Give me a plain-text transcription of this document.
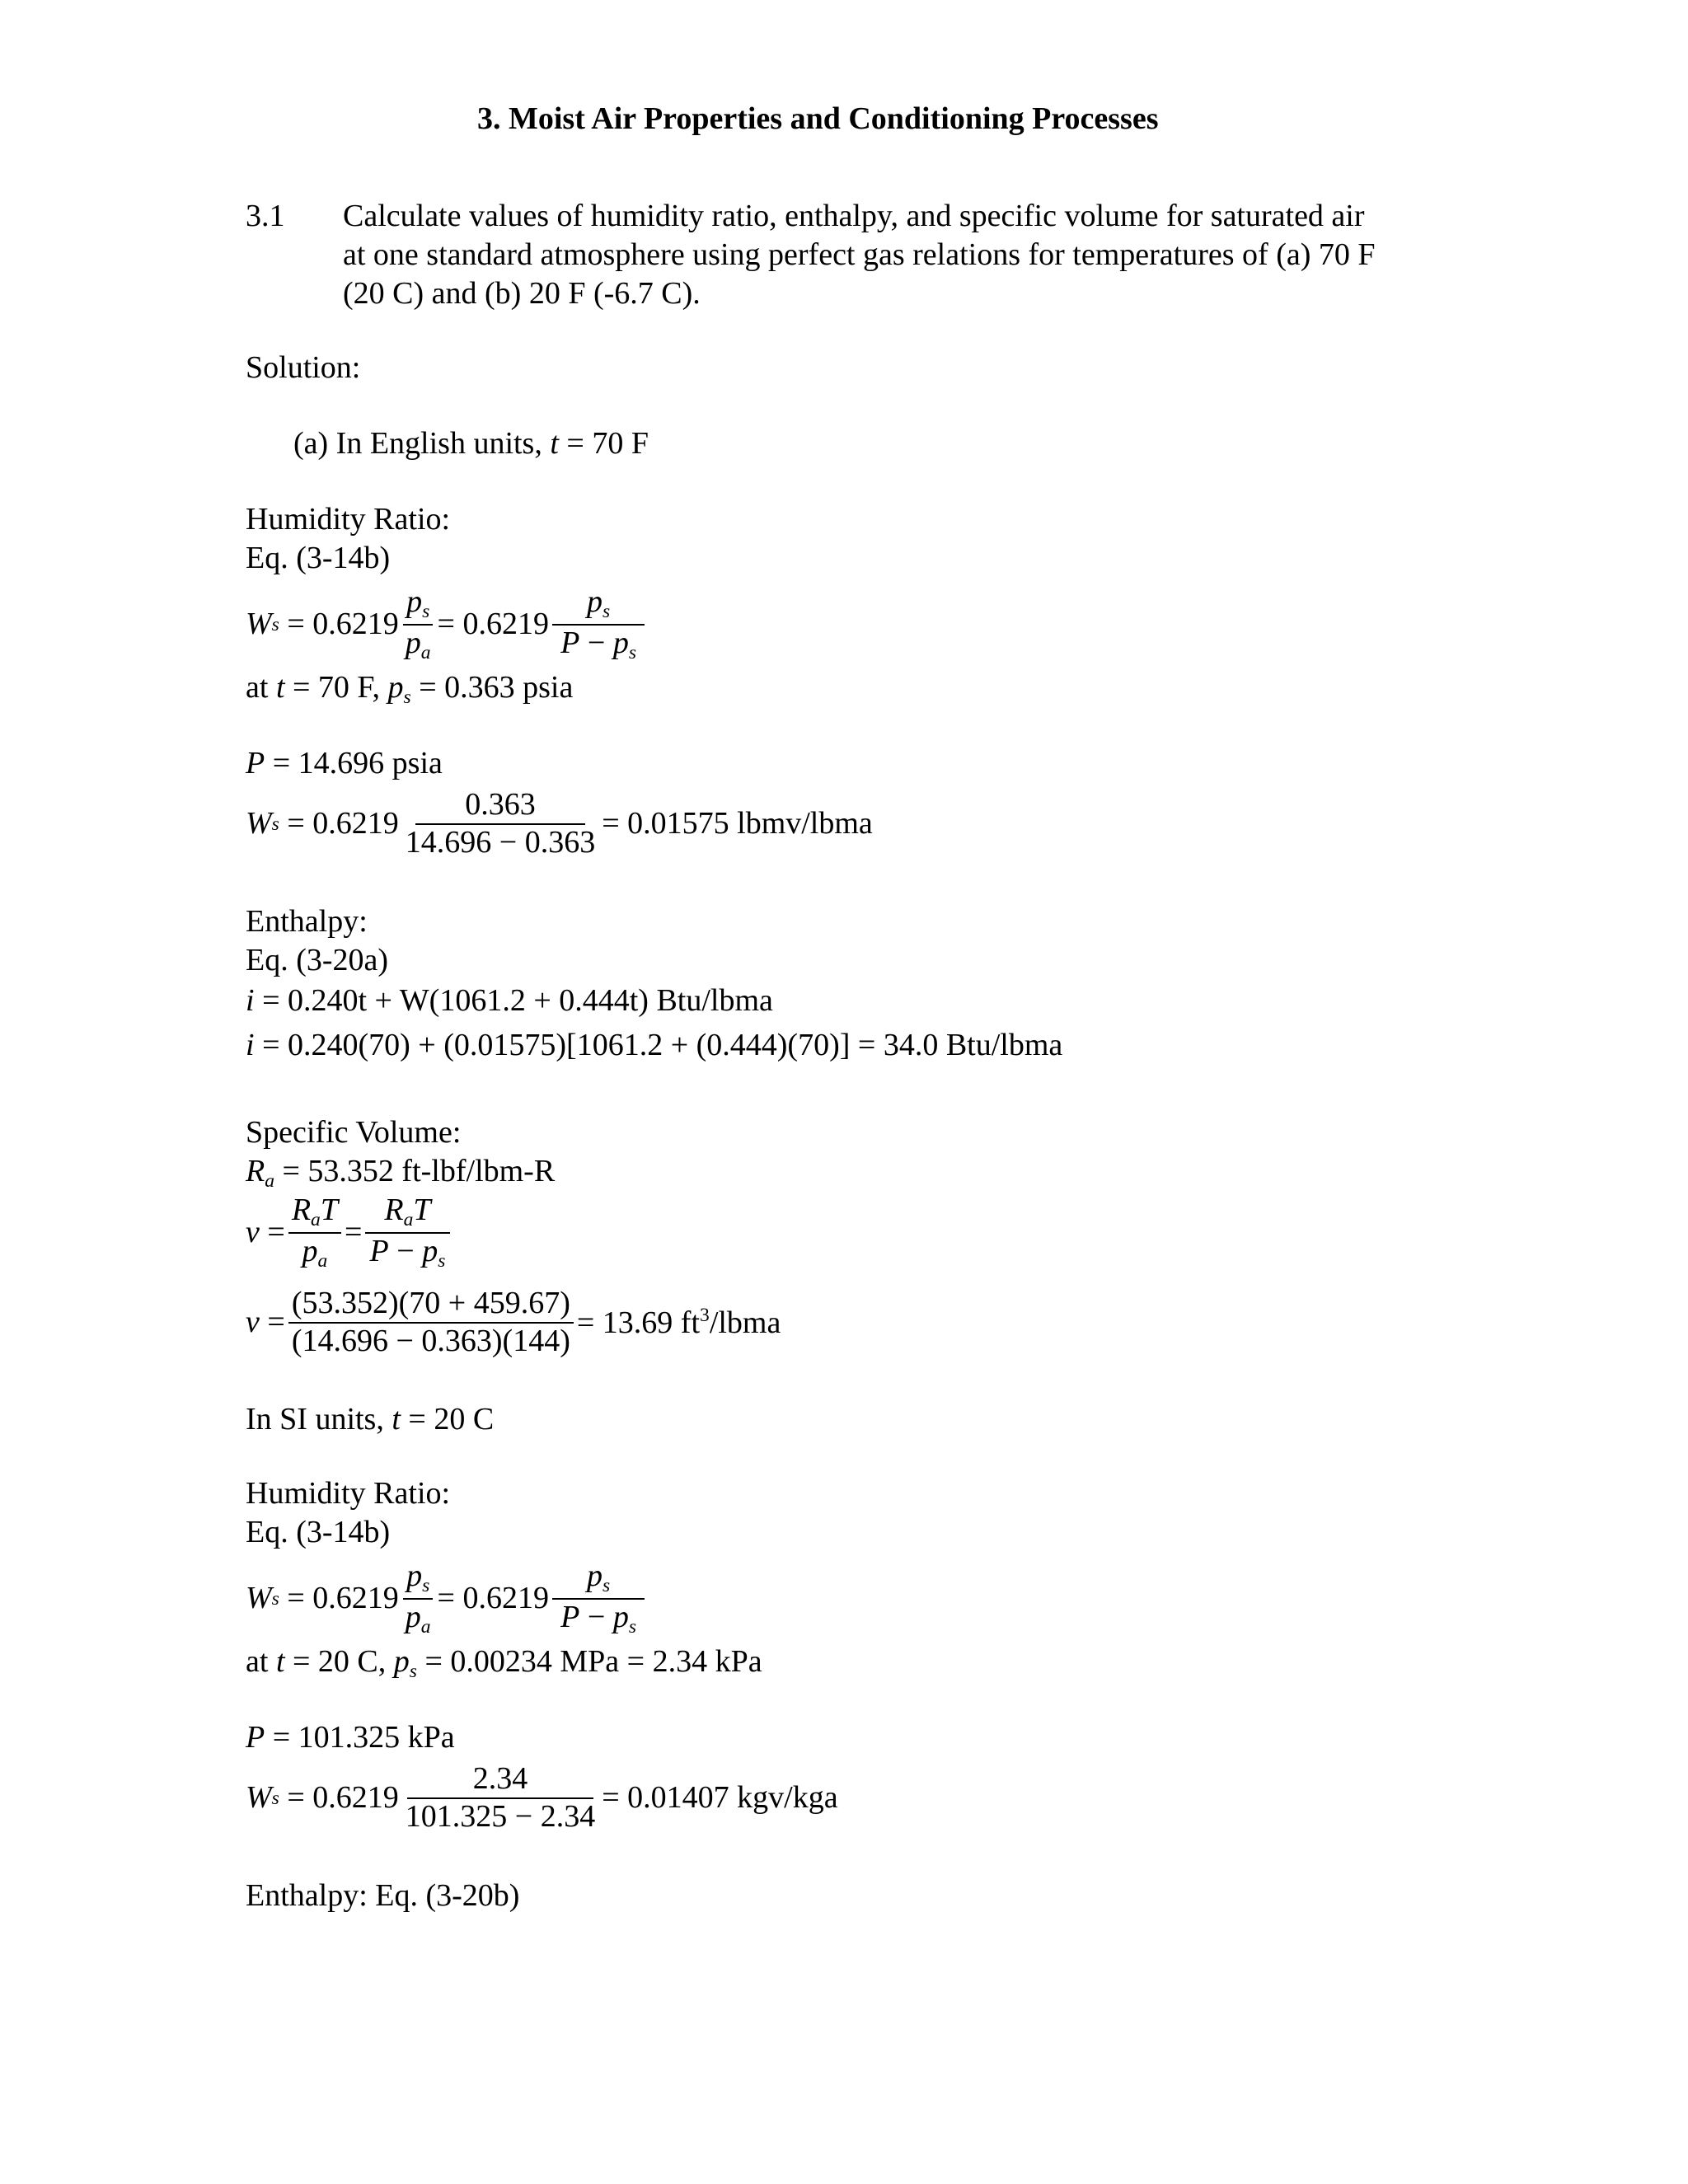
3. Moist Air Properties and Conditioning Processes
3.1 Calculate values of humidity ratio, enthalpy, and specific volume for saturated air
at one standard atmosphere using perfect gas relations for temperatures of (a) 70 F
(20 C) and (b) 20 F (-6.7 C).
Solution:
(a) In English units, t = 70 F
Humidity Ratio:
Eq. (3-14b)
W $s = 0.6219 \frac{ps}{pa} = 0.6219 \frac{ps}{P - ps}$
at t = 70 F, ps = 0.363 psia
P = 14.696 psia
W $s = 0.6219 \frac{0.363}{14.696 - 0.363} = 0.01575$ lbmv/lbma
Enthalpy:
Eq. (3-20a)
i = 0.240t + W(1061.2 + 0.444t) Btu/lbma
i = 0.240(70) + (0.01575)[1061.2 + (0.444)(70)] = 34.0 Btu/lbma
Specific Volume:
Ra = 53.352 ft-lbf/lbm-R
$v = \frac{\text{RaT}}{pa} = \frac{\text{RaT}}{P - ps}$
$v = \frac{(53.352)(70 + 459.67)}{(14.696 - 0.363)(144)} = 13.69$ $ft^3$/lbma
In SI units, t = 20 C
Humidity Ratio:
Eq. (3-14b)
W $s = 0.6219 \frac{ps}{pa} = 0.6219 \frac{ps}{P - ps}$
at t = 20 C, ps = 0.00234 MPa = 2.34 kPa
P = 101.325 kPa
W $s = 0.6219 \frac{2.34}{101.325 - 2.34} = 0.01407$ kgv/kga
Enthalpy: Eq. (3-20b)
